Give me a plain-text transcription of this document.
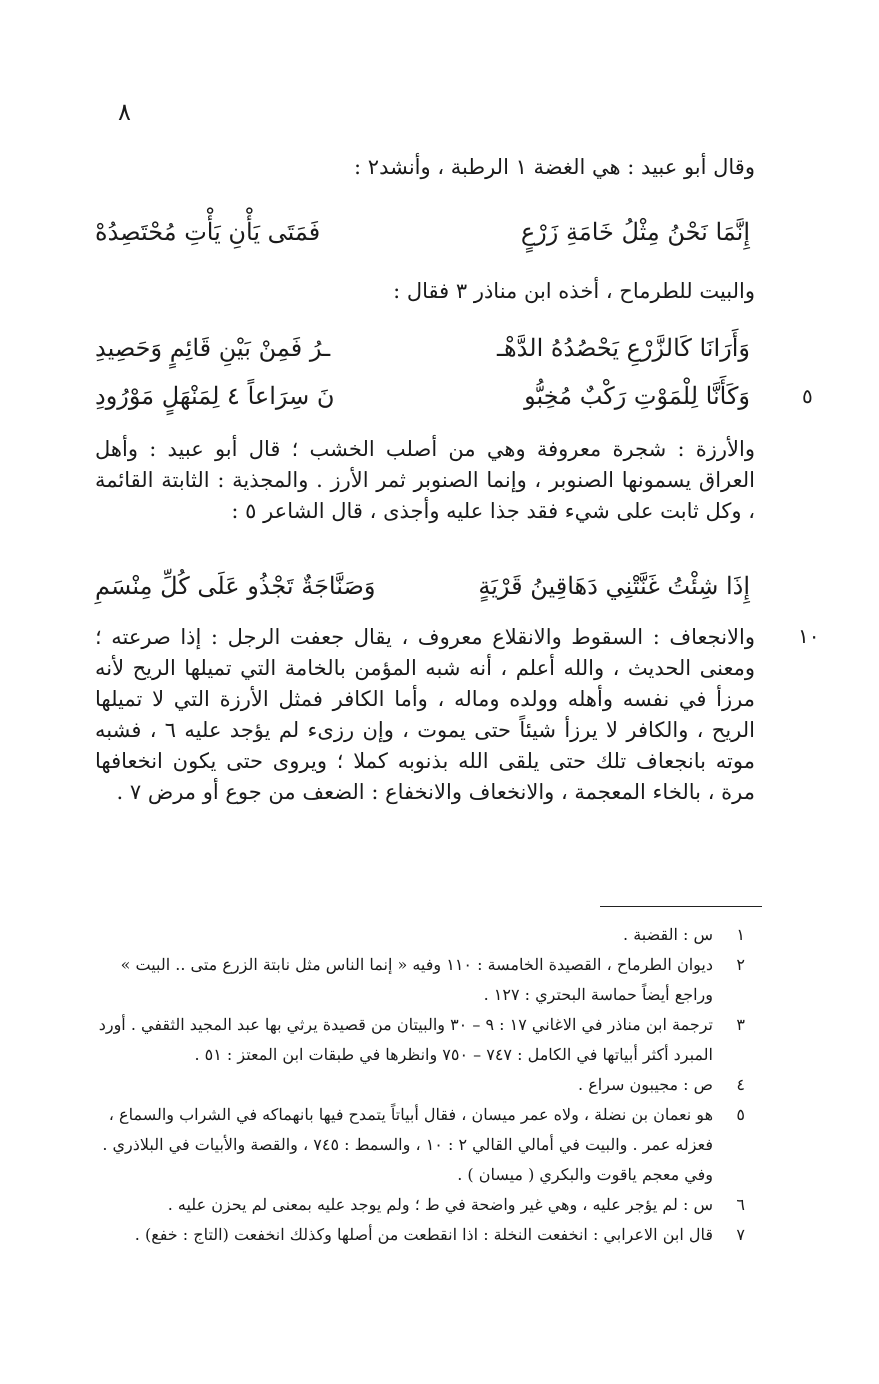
٨
وقال أبو عبيد : هي الغضة ١ الرطبة ، وأنشد٢ :
إِنَّمَا نَحْنُ مِثْلُ خَامَةِ زَرْعٍ
فَمَتَى يَأْنِ يَأْتِ مُحْتَصِدُهْ
والبيت للطرماح ، أخذه ابن مناذر ٣ فقال :
وَأَرَانَا كَالزَّرْعِ يَحْصُدُهُ الدَّهْـ
ـرُ فَمِنْ بَيْنِ قَائِمٍ وَحَصِيدِ
وَكَأَنَّا لِلْمَوْتِ رَكْبٌ مُخِبُّو
نَ سِرَاعاً ٤ لِمَنْهَلٍ مَوْرُودِ	٥
والأرزة : شجرة معروفة وهي من أصلب الخشب ؛ قال أبو عبيد : وأهل العراق يسمونها الصنوبر ، وإنما الصنوبر ثمر الأرز . والمجذية : الثابتة القائمة ، وكل ثابت على شيء فقد جذا عليه وأجذى ، قال الشاعر ٥ :
إِذَا شِئْتُ غَنَّتْنِي دَهَاقِينُ قَرْيَةٍ
وَصَنَّاجَةٌ تَجْذُو عَلَى كُلِّ مِنْسَمِ
١٠
والانجعاف : السقوط والانقلاع معروف ، يقال جعفت الرجل : إذا صرعته ؛ ومعنى الحديث ، والله أعلم ، أنه شبه المؤمن بالخامة التي تميلها الريح لأنه مرزأ في نفسه وأهله وولده وماله ، وأما الكافر فمثل الأرزة التي لا تميلها الريح ، والكافر لا يرزأ شيئاً حتى يموت ، وإن رزىء لم يؤجد عليه ٦ ، فشبه موته بانجعاف تلك حتى يلقى الله بذنوبه كملا ؛ ويروى حتى يكون انخعافها مرة ، بالخاء المعجمة ، والانخعاف والانخفاع : الضعف من جوع أو مرض ٧ .
١
س : القضبة .
٢
ديوان الطرماح ، القصيدة الخامسة : ١١٠ وفيه « إنما الناس مثل نابتة الزرع متى .. البيت » وراجع أيضاً حماسة البحتري : ١٢٧ .
٣
ترجمة ابن مناذر في الاغاني ١٧ : ٩ – ٣٠ والبيتان من قصيدة يرثي بها عبد المجيد الثقفي . أورد المبرد أكثر أبياتها في الكامل : ٧٤٧ – ٧٥٠ وانظرها في طبقات ابن المعتز : ٥١ .
٤
ص : مجيبون سراع .
٥
هو نعمان بن نضلة ، ولاه عمر ميسان ، فقال أبياتاً يتمدح فيها بانهماكه في الشراب والسماع ، فعزله عمر . والبيت في أمالي القالي ٢ : ١٠ ، والسمط : ٧٤٥ ، والقصة والأبيات في البلاذري . وفي معجم ياقوت والبكري ( ميسان ) .
٦
س : لم يؤجر عليه ، وهي غير واضحة في ط ؛ ولم يوجد عليه بمعنى لم يحزن عليه .
٧
قال ابن الاعرابي : انخفعت النخلة : اذا انقطعت من أصلها وكذلك انخفعت (التاج : خفع) .
